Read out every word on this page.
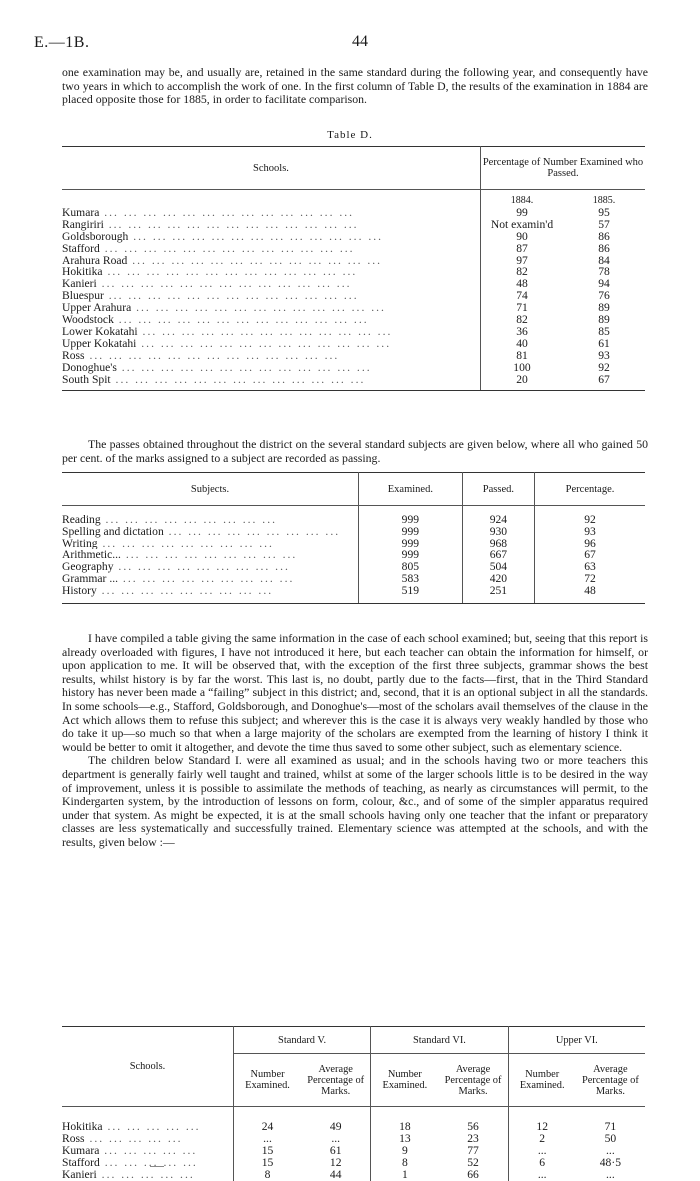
E.—1B.	44

one examination may be, and usually are, retained in the same standard during the following year, and consequently have two years in which to accomplish the work of one. In the first column of Table D, the results of the examination in 1884 are placed opposite those for 1885, in order to facilitate comparison.

Table D.

Schools.	Percentage of Number Examined who Passed.	
	1884.	1885.
Kumara ... ... ... ... ... ... ... ... ... ... ... ... ...	99	95
Rangiriri ... ... ... ... ... ... ... ... ... ... ... ... ...	Not examin'd	57
Goldsborough ... ... ... ... ... ... ... ... ... ... ... ... ...	90	86
Stafford ... ... ... ... ... ... ... ... ... ... ... ... ...	87	86
Arahura Road ... ... ... ... ... ... ... ... ... ... ... ... ...	97	84
Hokitika ... ... ... ... ... ... ... ... ... ... ... ... ...	82	78
Kanieri ... ... ... ... ... ... ... ... ... ... ... ... ...	48	94
Bluespur ... ... ... ... ... ... ... ... ... ... ... ... ...	74	76
Upper Arahura ... ... ... ... ... ... ... ... ... ... ... ... ...	71	89
Woodstock ... ... ... ... ... ... ... ... ... ... ... ... ...	82	89
Lower Kokatahi ... ... ... ... ... ... ... ... ... ... ... ... ...	36	85
Upper Kokatahi ... ... ... ... ... ... ... ... ... ... ... ... ...	40	61
Ross ... ... ... ... ... ... ... ... ... ... ... ... ...	81	93
Donoghue's ... ... ... ... ... ... ... ... ... ... ... ... ...	100	92
South Spit ... ... ... ... ... ... ... ... ... ... ... ... ...	20	67

The passes obtained throughout the district on the several standard subjects are given below, where all who gained 50 per cent. of the marks assigned to a subject are recorded as passing.

Subjects.	Examined.	Passed.	Percentage.

Reading ... ... ... ... ... ... ... ... ...	999	924	92
Spelling and dictation ... ... ... ... ... ... ... ... ...	999	930	93
Writing ... ... ... ... ... ... ... ... ...	999	968	96
Arithmetic... ... ... ... ... ... ... ... ... ...	999	667	67
Geography ... ... ... ... ... ... ... ... ...	805	504	63
Grammar ... ... ... ... ... ... ... ... ... ...	583	420	72
History ... ... ... ... ... ... ... ... ...	519	251	48

I have compiled a table giving the same information in the case of each school examined; but, seeing that this report is already overloaded with figures, I have not introduced it here, but each teacher can obtain the information for himself, or upon application to me. It will be observed that, with the exception of the first three subjects, grammar shows the best results, whilst history is by far the worst. This last is, no doubt, partly due to the facts—first, that in the Third Standard history has never been made a “failing” subject in this district; and, second, that it is an optional subject in all the standards. In some schools—e.g., Stafford, Goldsborough, and Donoghue's—most of the scholars avail themselves of the clause in the Act which allows them to refuse this subject; and wherever this is the case it is always very weakly handled by those who do take it up—so much so that when a large majority of the scholars are exempted from the learning of history I think it would be better to omit it altogether, and devote the time thus saved to some other subject, such as elementary science.

The children below Standard I. were all examined as usual; and in the schools having two or more teachers this department is generally fairly well taught and trained, whilst at some of the larger schools little is to be desired in the way of improvement, unless it is possible to assimilate the methods of teaching, as nearly as circumstances will permit, to the Kindergarten system, by the introduction of lessons on form, colour, &c., and of some of the simpler apparatus required under that system. As might be expected, it is at the small schools having only one teacher that the infant or preparatory classes are less systematically and successfully trained. Elementary science was attempted at the schools, and with the results, given below :—

Schools.	Standard V.		Standard VI.		Upper VI.	
	Number Examined.	Average Percentage of Marks.	Number Examined.	Average Percentage of Marks.	Number Examined.	Average Percentage of Marks.

Hokitika ... ... ... ... ...	24	49	18	56	12	71
Ross ... ... ... ... ...	...	...	13	23	2	50
Kumara ... ... ... ... ...	15	61	9	77	...	...
Stafford ... ... ... ... ...	15	12	8	52	6	48·5
Kanieri ... ... ... ... ...	8	44	1	66	...	...
